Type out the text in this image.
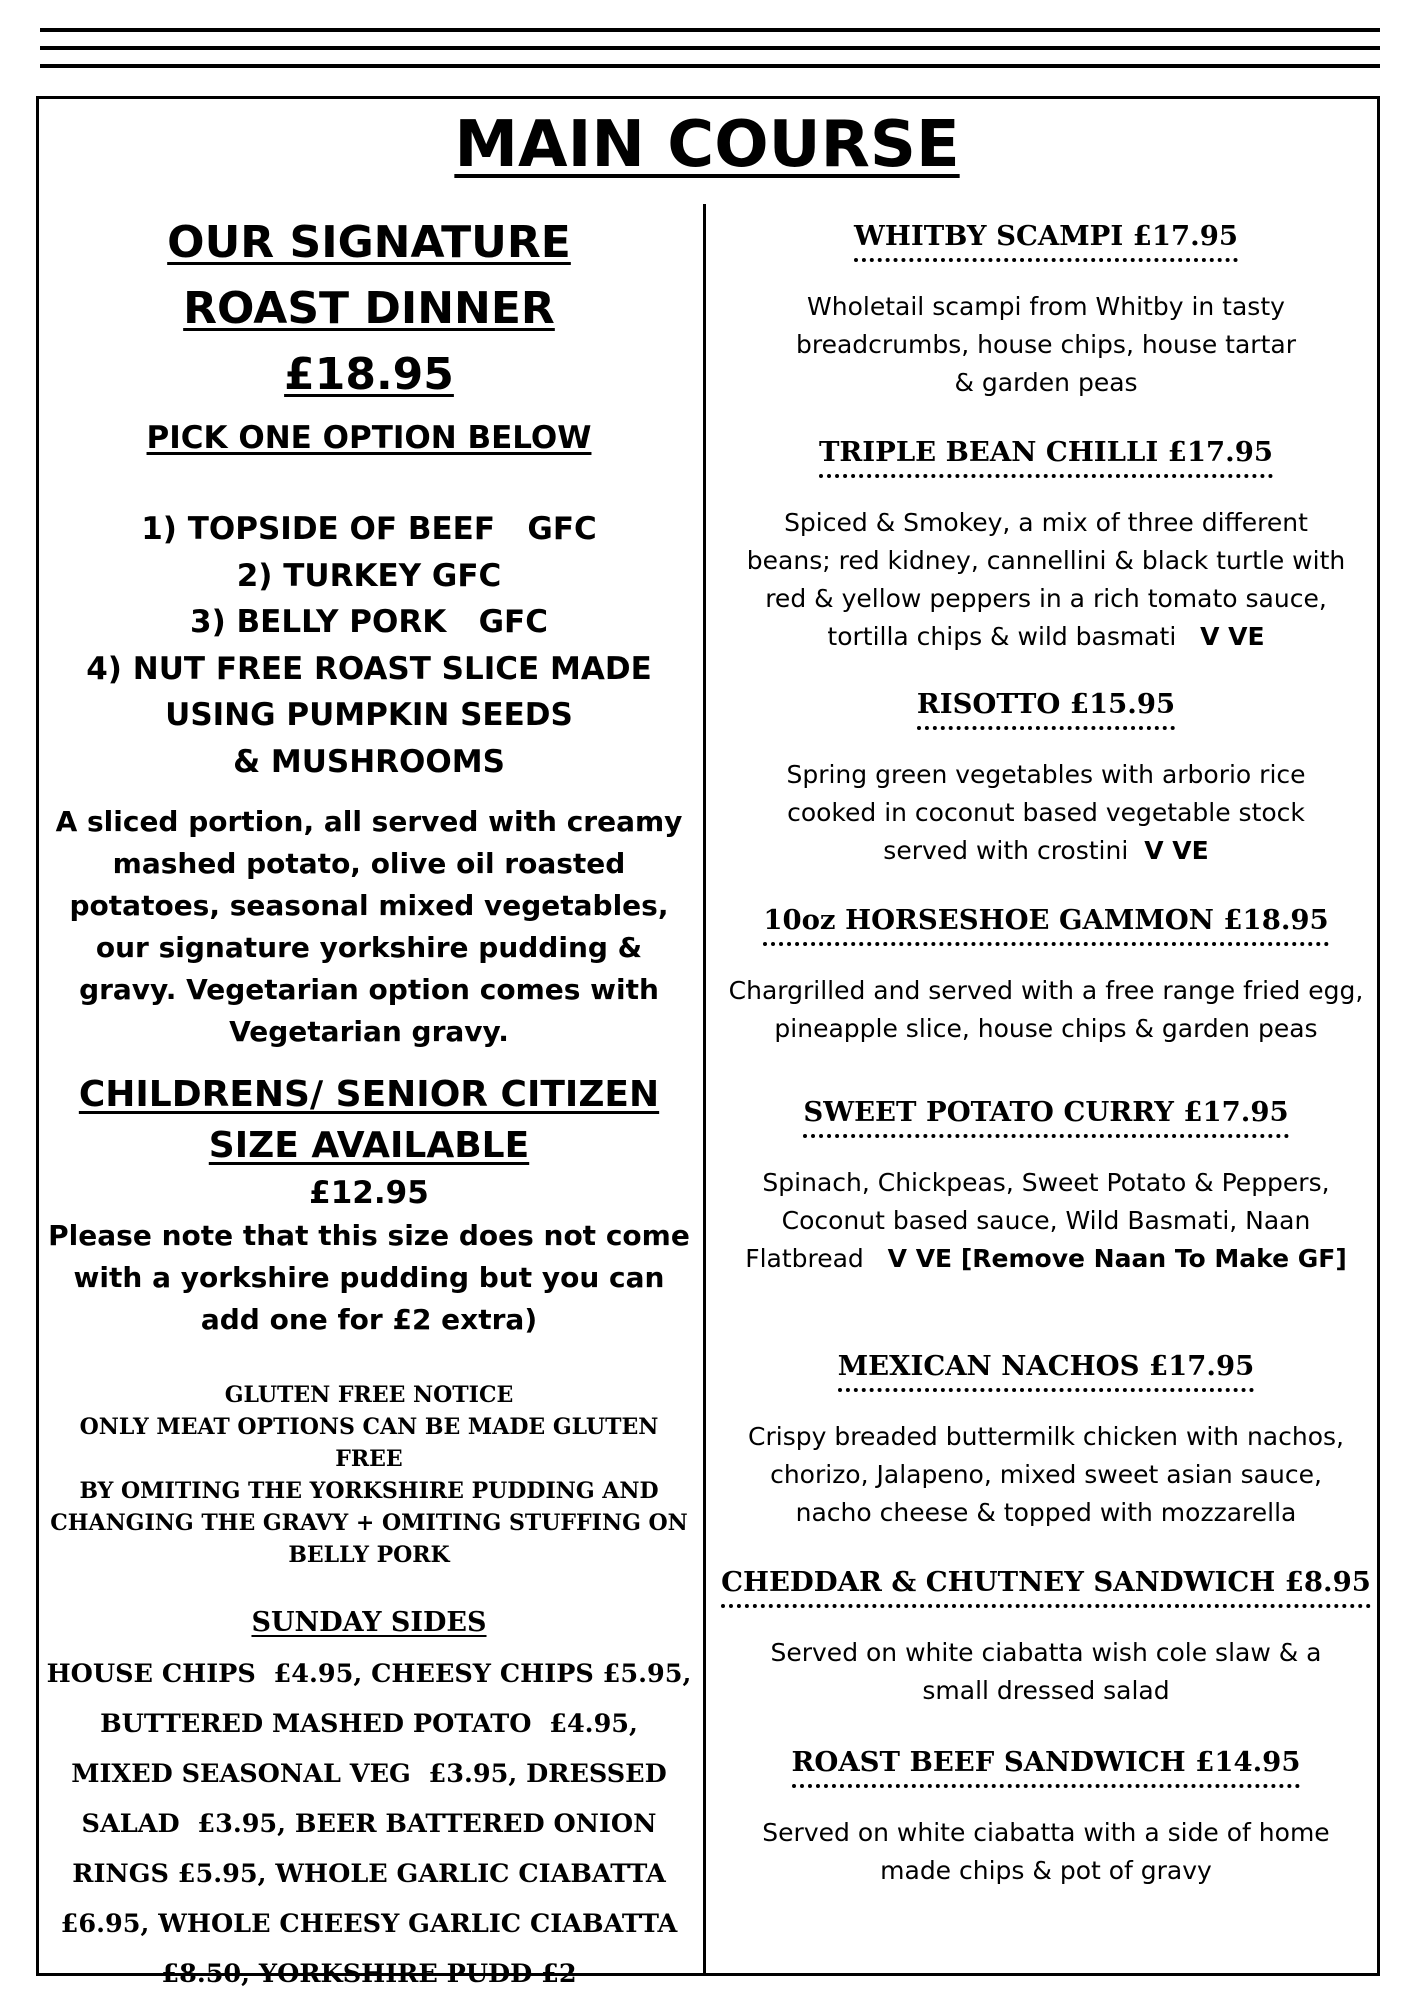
MAIN COURSE
OUR SIGNATURE
ROAST DINNER
£18.95
PICK ONE OPTION BELOW
1) TOPSIDE OF BEEF   GFC
2) TURKEY GFC
3) BELLY PORK   GFC
4) NUT FREE ROAST SLICE MADE
USING PUMPKIN SEEDS
& MUSHROOMS
A sliced portion, all served with creamy mashed potato, olive oil roasted potatoes, seasonal mixed vegetables, our signature yorkshire pudding & gravy. Vegetarian option comes with Vegetarian gravy.
CHILDRENS/ SENIOR CITIZEN
SIZE AVAILABLE
£12.95
Please note that this size does not come with a yorkshire pudding but you can add one for £2 extra)
GLUTEN FREE NOTICE
ONLY MEAT OPTIONS CAN BE MADE GLUTEN FREE
BY OMITING THE YORKSHIRE PUDDING AND
CHANGING THE GRAVY + OMITING STUFFING ON
BELLY PORK
SUNDAY SIDES
HOUSE CHIPS  £4.95, CHEESY CHIPS £5.95,
BUTTERED MASHED POTATO  £4.95,
MIXED SEASONAL VEG  £3.95, DRESSED
SALAD  £3.95, BEER BATTERED ONION
RINGS £5.95, WHOLE GARLIC CIABATTA
£6.95, WHOLE CHEESY GARLIC CIABATTA
£8.50, YORKSHIRE PUDD £2
WHITBY SCAMPI £17.95
Wholetail scampi from Whitby in tasty
breadcrumbs, house chips, house tartar
& garden peas
TRIPLE BEAN CHILLI £17.95
Spiced & Smokey, a mix of three different
beans; red kidney, cannellini & black turtle with
red & yellow peppers in a rich tomato sauce,
tortilla chips & wild basmati V VE
RISOTTO £15.95
Spring green vegetables with arborio rice
cooked in coconut based vegetable stock
served with crostini V VE
10oz HORSESHOE GAMMON £18.95
Chargrilled and served with a free range fried egg,
pineapple slice, house chips & garden peas
SWEET POTATO CURRY £17.95
Spinach, Chickpeas, Sweet Potato & Peppers,
Coconut based sauce, Wild Basmati, Naan
Flatbread V VE [Remove Naan To Make GF]
MEXICAN NACHOS £17.95
Crispy breaded buttermilk chicken with nachos,
chorizo, Jalapeno, mixed sweet asian sauce,
nacho cheese & topped with mozzarella
CHEDDAR & CHUTNEY SANDWICH £8.95
Served on white ciabatta wish cole slaw & a
small dressed salad
ROAST BEEF SANDWICH £14.95
Served on white ciabatta with a side of home
made chips & pot of gravy
